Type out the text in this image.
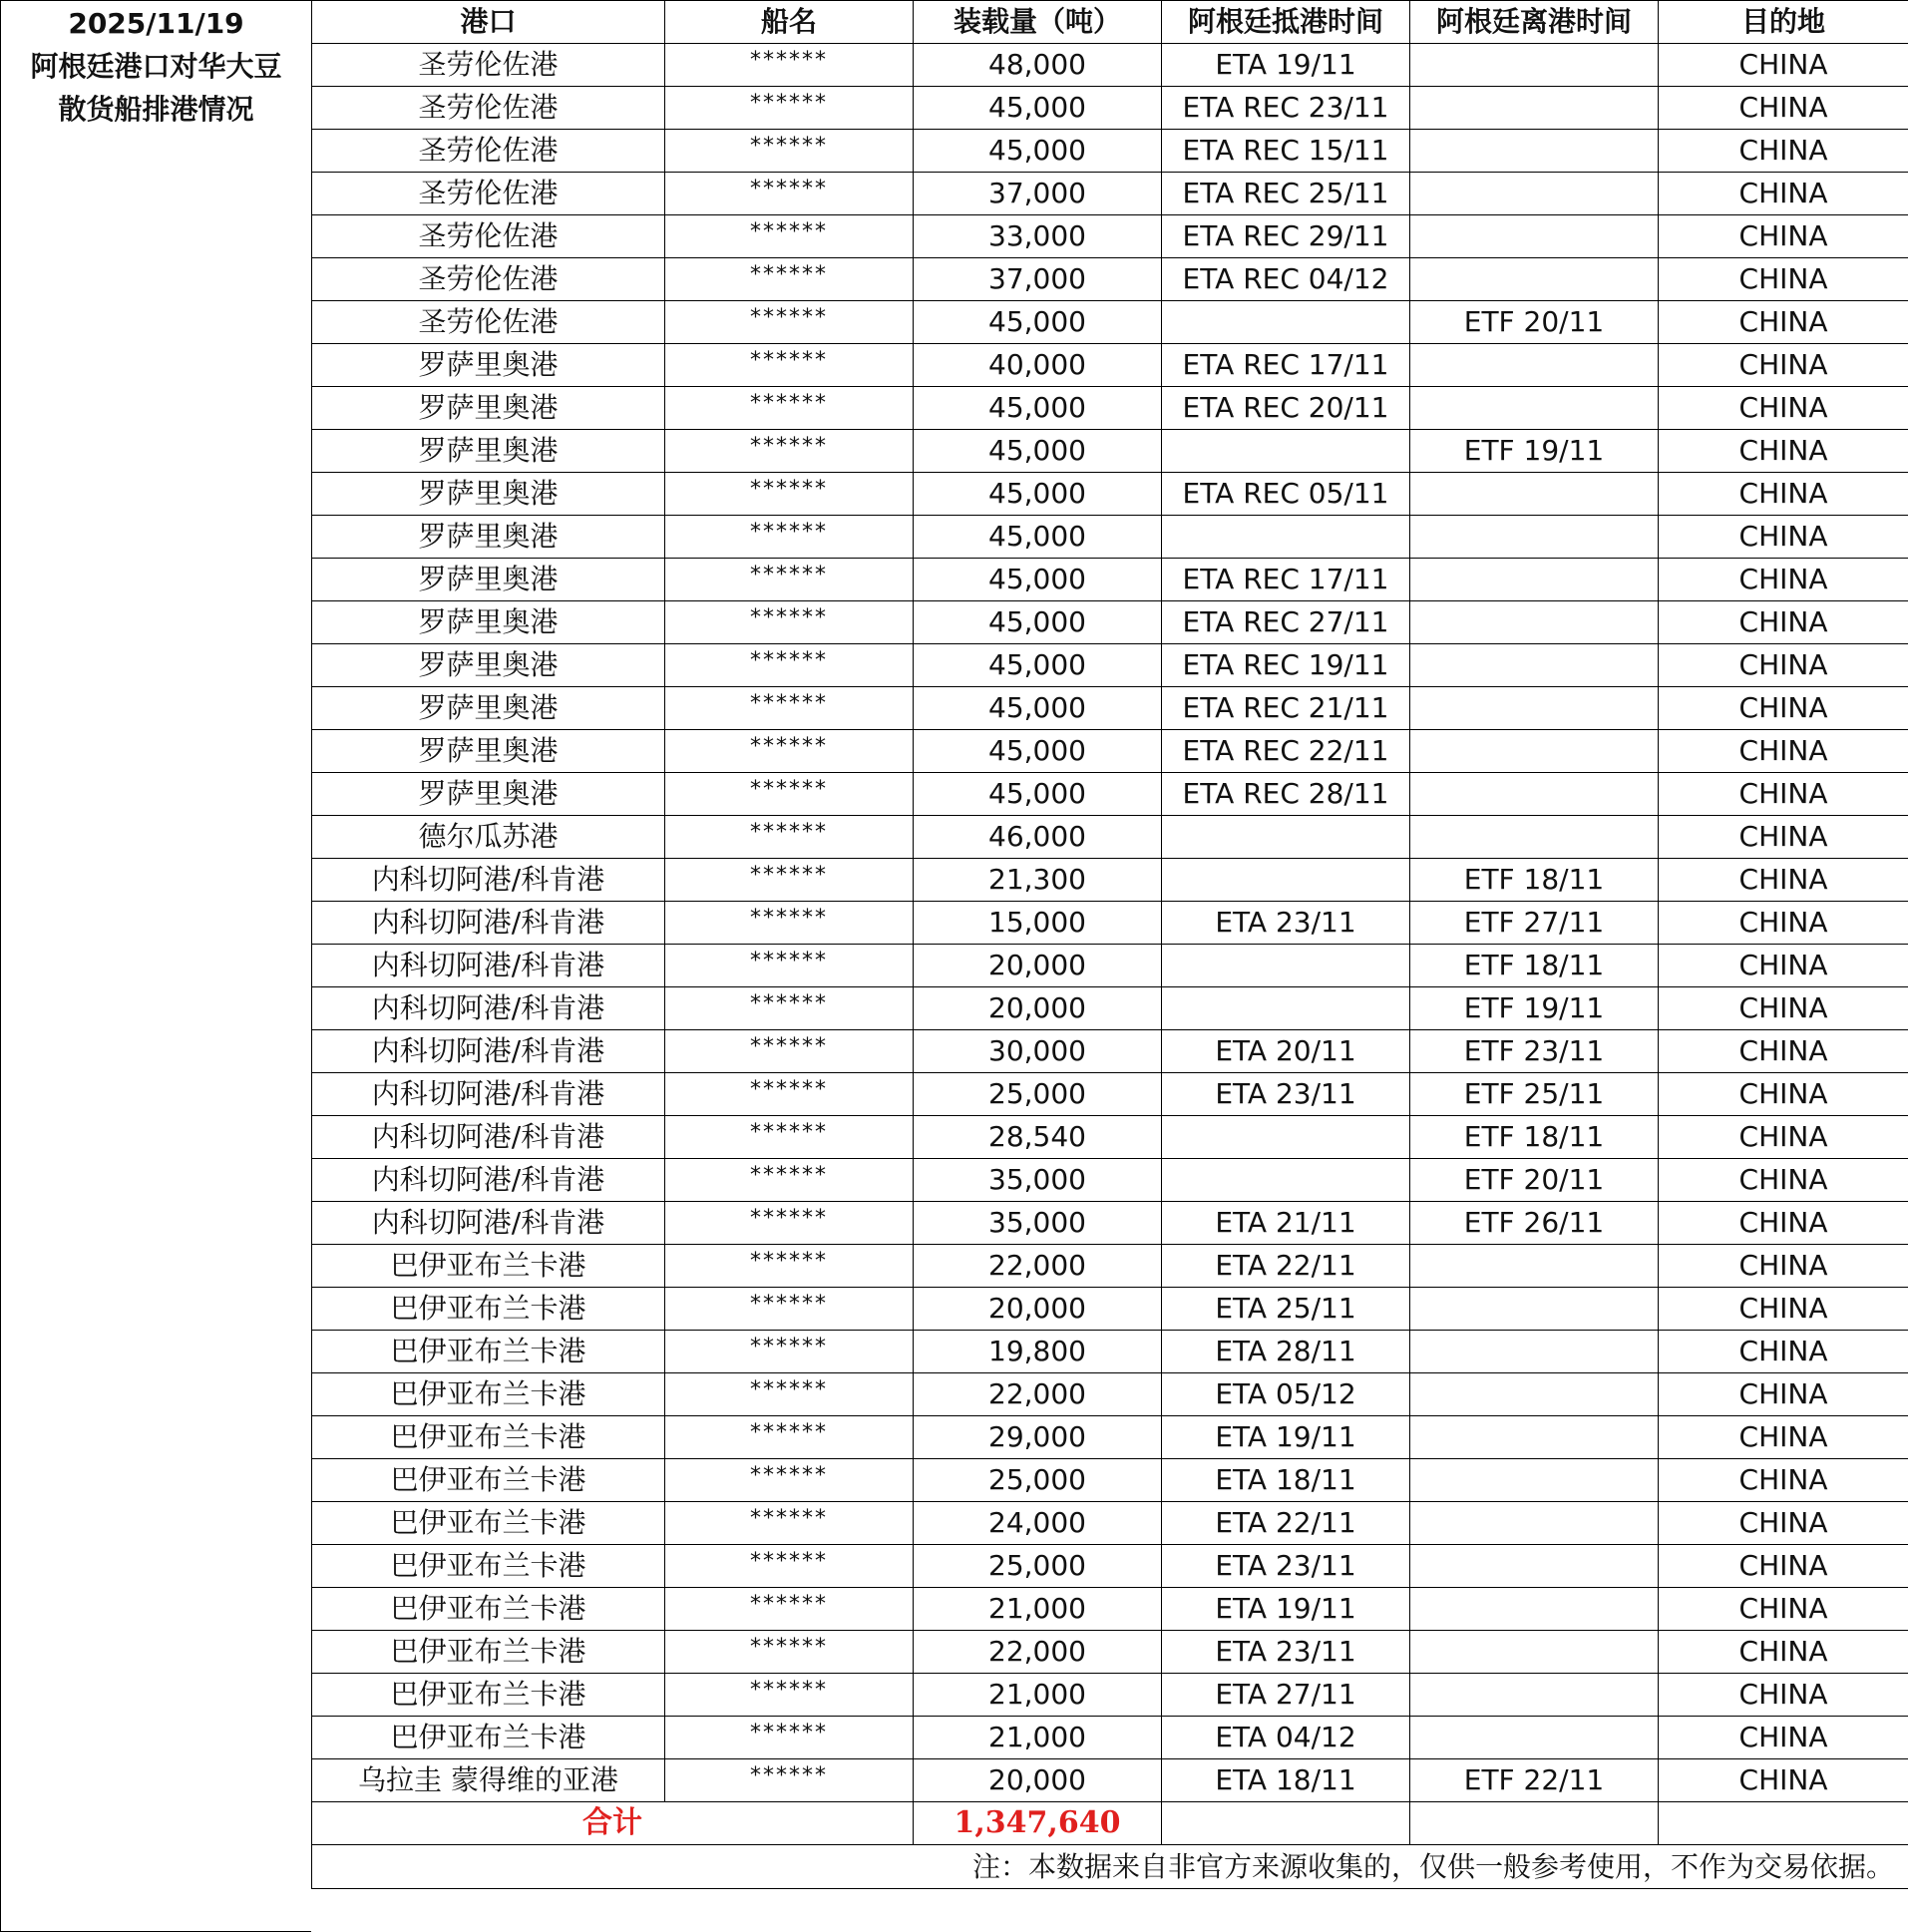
2025/11/19
阿根廷港口对华大豆
散货船排港情况
港口	船名	装载量（吨）	阿根廷抵港时间	阿根廷离港时间	目的地
圣劳伦佐港	******	48,000	ETA 19/11		CHINA
圣劳伦佐港	******	45,000	ETA REC 23/11		CHINA
圣劳伦佐港	******	45,000	ETA REC 15/11		CHINA
圣劳伦佐港	******	37,000	ETA REC 25/11		CHINA
圣劳伦佐港	******	33,000	ETA REC 29/11		CHINA
圣劳伦佐港	******	37,000	ETA REC 04/12		CHINA
圣劳伦佐港	******	45,000		ETF 20/11	CHINA
罗萨里奥港	******	40,000	ETA REC 17/11		CHINA
罗萨里奥港	******	45,000	ETA REC 20/11		CHINA
罗萨里奥港	******	45,000		ETF 19/11	CHINA
罗萨里奥港	******	45,000	ETA REC 05/11		CHINA
罗萨里奥港	******	45,000			CHINA
罗萨里奥港	******	45,000	ETA REC 17/11		CHINA
罗萨里奥港	******	45,000	ETA REC 27/11		CHINA
罗萨里奥港	******	45,000	ETA REC 19/11		CHINA
罗萨里奥港	******	45,000	ETA REC 21/11		CHINA
罗萨里奥港	******	45,000	ETA REC 22/11		CHINA
罗萨里奥港	******	45,000	ETA REC 28/11		CHINA
德尔瓜苏港	******	46,000			CHINA
内科切阿港/科肯港	******	21,300		ETF 18/11	CHINA
内科切阿港/科肯港	******	15,000	ETA 23/11	ETF 27/11	CHINA
内科切阿港/科肯港	******	20,000		ETF 18/11	CHINA
内科切阿港/科肯港	******	20,000		ETF 19/11	CHINA
内科切阿港/科肯港	******	30,000	ETA 20/11	ETF 23/11	CHINA
内科切阿港/科肯港	******	25,000	ETA 23/11	ETF 25/11	CHINA
内科切阿港/科肯港	******	28,540		ETF 18/11	CHINA
内科切阿港/科肯港	******	35,000		ETF 20/11	CHINA
内科切阿港/科肯港	******	35,000	ETA 21/11	ETF 26/11	CHINA
巴伊亚布兰卡港	******	22,000	ETA 22/11		CHINA
巴伊亚布兰卡港	******	20,000	ETA 25/11		CHINA
巴伊亚布兰卡港	******	19,800	ETA 28/11		CHINA
巴伊亚布兰卡港	******	22,000	ETA 05/12		CHINA
巴伊亚布兰卡港	******	29,000	ETA 19/11		CHINA
巴伊亚布兰卡港	******	25,000	ETA 18/11		CHINA
巴伊亚布兰卡港	******	24,000	ETA 22/11		CHINA
巴伊亚布兰卡港	******	25,000	ETA 23/11		CHINA
巴伊亚布兰卡港	******	21,000	ETA 19/11		CHINA
巴伊亚布兰卡港	******	22,000	ETA 23/11		CHINA
巴伊亚布兰卡港	******	21,000	ETA 27/11		CHINA
巴伊亚布兰卡港	******	21,000	ETA 04/12		CHINA
乌拉圭 蒙得维的亚港	******	20,000	ETA 18/11	ETF 22/11	CHINA
合计		1,347,640			
注：本数据来自非官方来源收集的，仅供一般参考使用，不作为交易依据。					
